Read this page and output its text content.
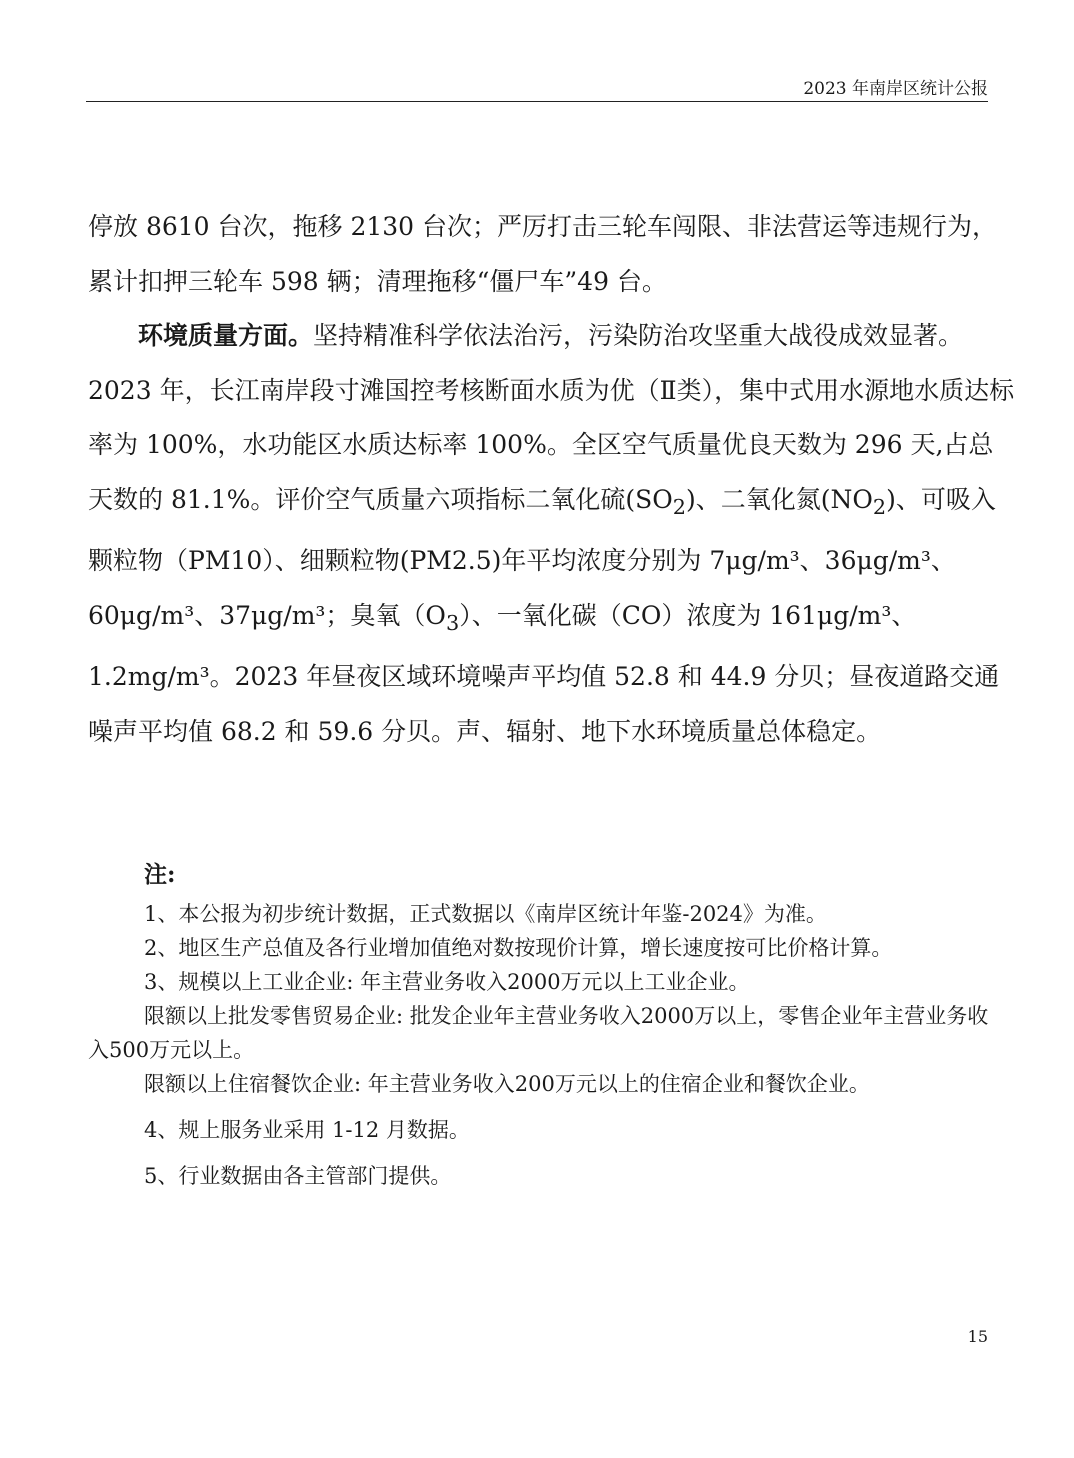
2023 年南岸区统计公报

停放 8610 台次，拖移 2130 台次；严厉打击三轮车闯限、非法营运等违规行为，累计扣押三轮车 598 辆；清理拖移“僵尸车”49 台。

环境质量方面。坚持精准科学依法治污，污染防治攻坚重大战役成效显著。2023 年，长江南岸段寸滩国控考核断面水质为优（Ⅱ类），集中式用水源地水质达标率为 100%，水功能区水质达标率 100%。全区空气质量优良天数为 296 天,占总天数的 81.1%。评价空气质量六项指标二氧化硫$(SO_2)$、二氧化氮$(NO_2)$、可吸入颗粒物（PM10）、细颗粒物(PM2.5)年平均浓度分别为 7μg/m³、36μg/m³、60μg/m³、37μg/m³；臭氧$(O_3)$、一氧化碳（CO）浓度为 161μg/m³、1.2mg/m³。2023 年昼夜区域环境噪声平均值 52.8 和 44.9 分贝；昼夜道路交通噪声平均值 68.2 和 59.6 分贝。声、辐射、地下水环境质量总体稳定。

注:

1、本公报为初步统计数据，正式数据以《南岸区统计年鉴-2024》为准。

2、地区生产总值及各行业增加值绝对数按现价计算，增长速度按可比价格计算。

3、规模以上工业企业: 年主营业务收入2000万元以上工业企业。

限额以上批发零售贸易企业: 批发企业年主营业务收入2000万以上，零售企业年主营业务收入500万元以上。

限额以上住宿餐饮企业: 年主营业务收入200万元以上的住宿企业和餐饮企业。

4、规上服务业采用 1-12 月数据。

5、行业数据由各主管部门提供。

15
